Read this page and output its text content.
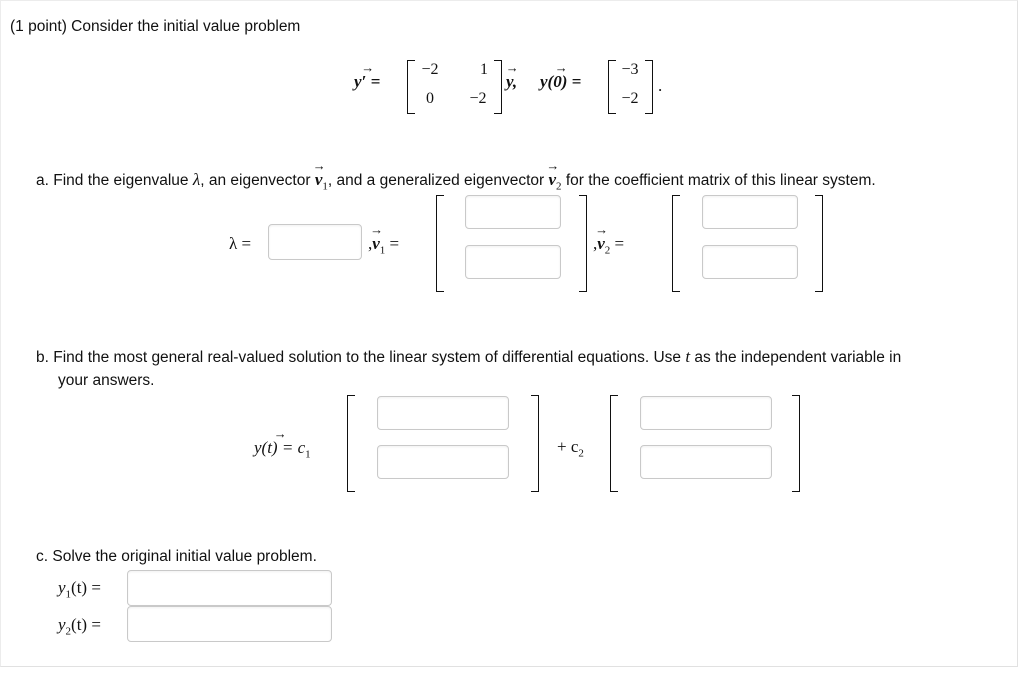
(1 point) Consider the initial value problem
→ y′ =
−2	1
0	−2
→ y,
→ y(0) =
−3
−2
.
a. Find the eigenvalue λ, an eigenvector → $v_1$, and a generalized eigenvector → $v_2$ for the coefficient matrix of this linear system.
λ =	,→ $v_1$ =	,→ $v_2$ =
b. Find the most general real-valued solution to the linear system of differential equations. Use t as the independent variable in
your answers.
→ $y(t) = c_1$	+ $c_2$
c. Solve the original initial value problem.
$y_1(t)$ =
$y_2(t)$ =
